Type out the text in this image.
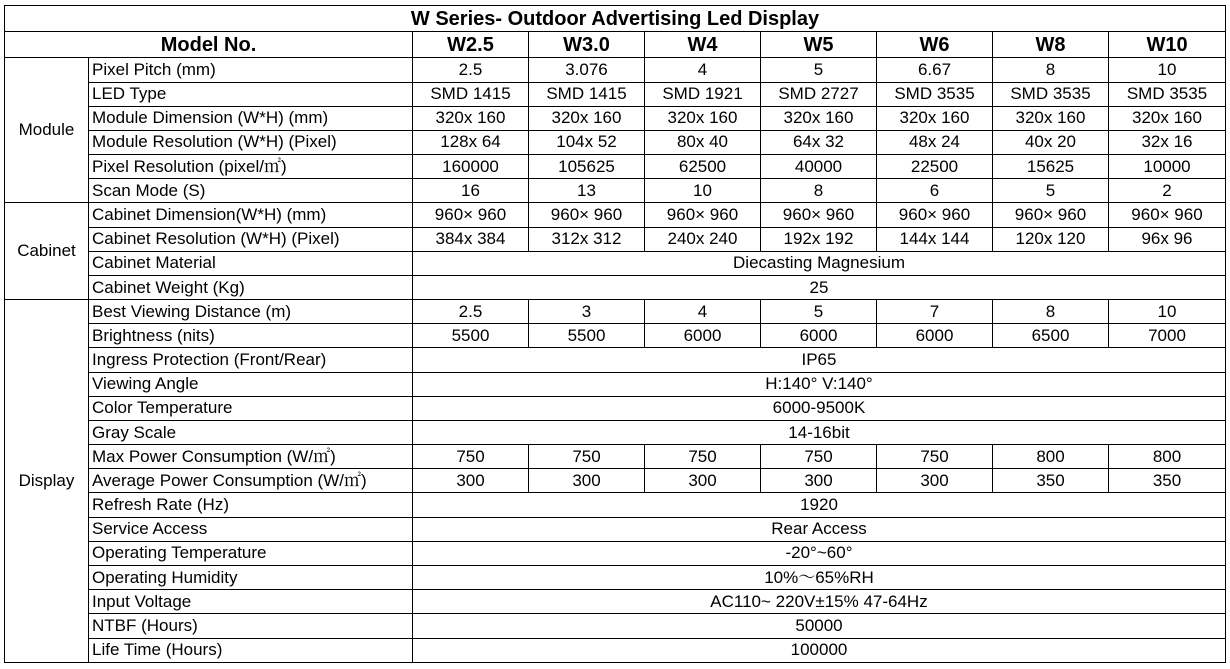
W Series- Outdoor Advertising Led Display								
Model No.		W2.5	W3.0	W4	W5	W6	W8	W10
Module	Pixel Pitch (mm)	2.5	3.076	4	5	6.67	8	10
	LED Type	SMD 1415	SMD 1415	SMD 1921	SMD 2727	SMD 3535	SMD 3535	SMD 3535
	Module Dimension (W*H) (mm)	320x 160	320x 160	320x 160	320x 160	320x 160	320x 160	320x 160
	Module Resolution (W*H) (Pixel)	128x 64	104x 52	80x 40	64x 32	48x 24	40x 20	32x 16
	Pixel Resolution (pixel/㎡)	160000	105625	62500	40000	22500	15625	10000
	Scan Mode (S)	16	13	10	8	6	5	2
Cabinet	Cabinet Dimension(W*H) (mm)	960× 960	960× 960	960× 960	960× 960	960× 960	960× 960	960× 960
	Cabinet Resolution (W*H) (Pixel)	384x 384	312x 312	240x 240	192x 192	144x 144	120x 120	96x 96
	Cabinet Material	Diecasting Magnesium						
	Cabinet Weight (Kg)	25						
Display	Best Viewing Distance (m)	2.5	3	4	5	7	8	10
	Brightness (nits)	5500	5500	6000	6000	6000	6500	7000
	Ingress Protection (Front/Rear)	IP65						
	Viewing Angle	H:140° V:140°						
	Color Temperature	6000-9500K						
	Gray Scale	14-16bit						
	Max Power Consumption (W/㎡)	750	750	750	750	750	800	800
	Average Power Consumption (W/㎡)	300	300	300	300	300	350	350
	Refresh Rate (Hz)	1920						
	Service Access	Rear Access						
	Operating Temperature	-20°~60°						
	Operating Humidity	10%～65%RH						
	Input Voltage	AC110~ 220V±15% 47-64Hz						
	NTBF (Hours)	50000						
	Life Time (Hours)	100000						
